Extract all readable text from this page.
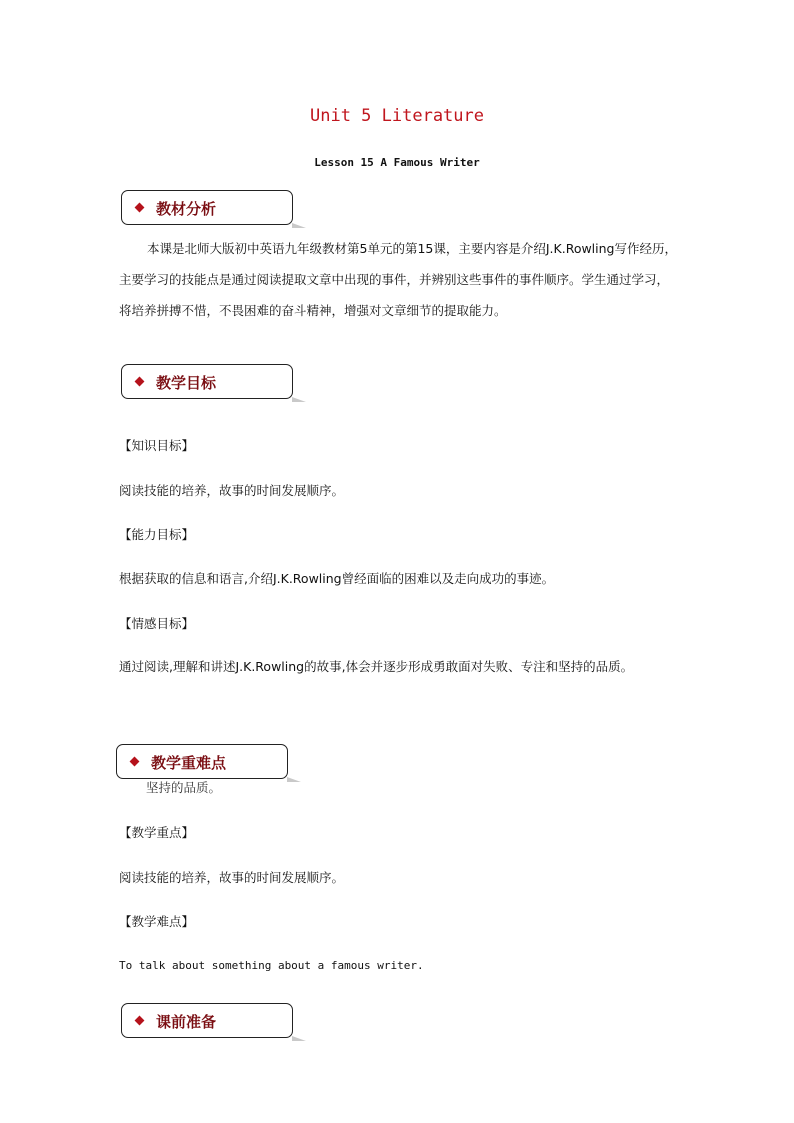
Unit 5 Literature
Lesson 15 A Famous Writer
教材分析
本课是北师大版初中英语九年级教材第5单元的第15课，主要内容是介绍J.K.Rowling写作经历，主要学习的技能点是通过阅读提取文章中出现的事件，并辨别这些事件的事件顺序。学生通过学习，将培养拼搏不惜，不畏困难的奋斗精神，增强对文章细节的提取能力。
教学目标
【知识目标】
阅读技能的培养，故事的时间发展顺序。
【能力目标】
根据获取的信息和语言,介绍J.K.Rowling曾经面临的困难以及走向成功的事迹。
【情感目标】
通过阅读,理解和讲述J.K.Rowling的故事,体会并逐步形成勇敢面对失败、专注和坚持的品质。
坚持的品质。
教学重难点
【教学重点】
阅读技能的培养，故事的时间发展顺序。
【教学难点】
To talk about something about a famous writer.
课前准备
